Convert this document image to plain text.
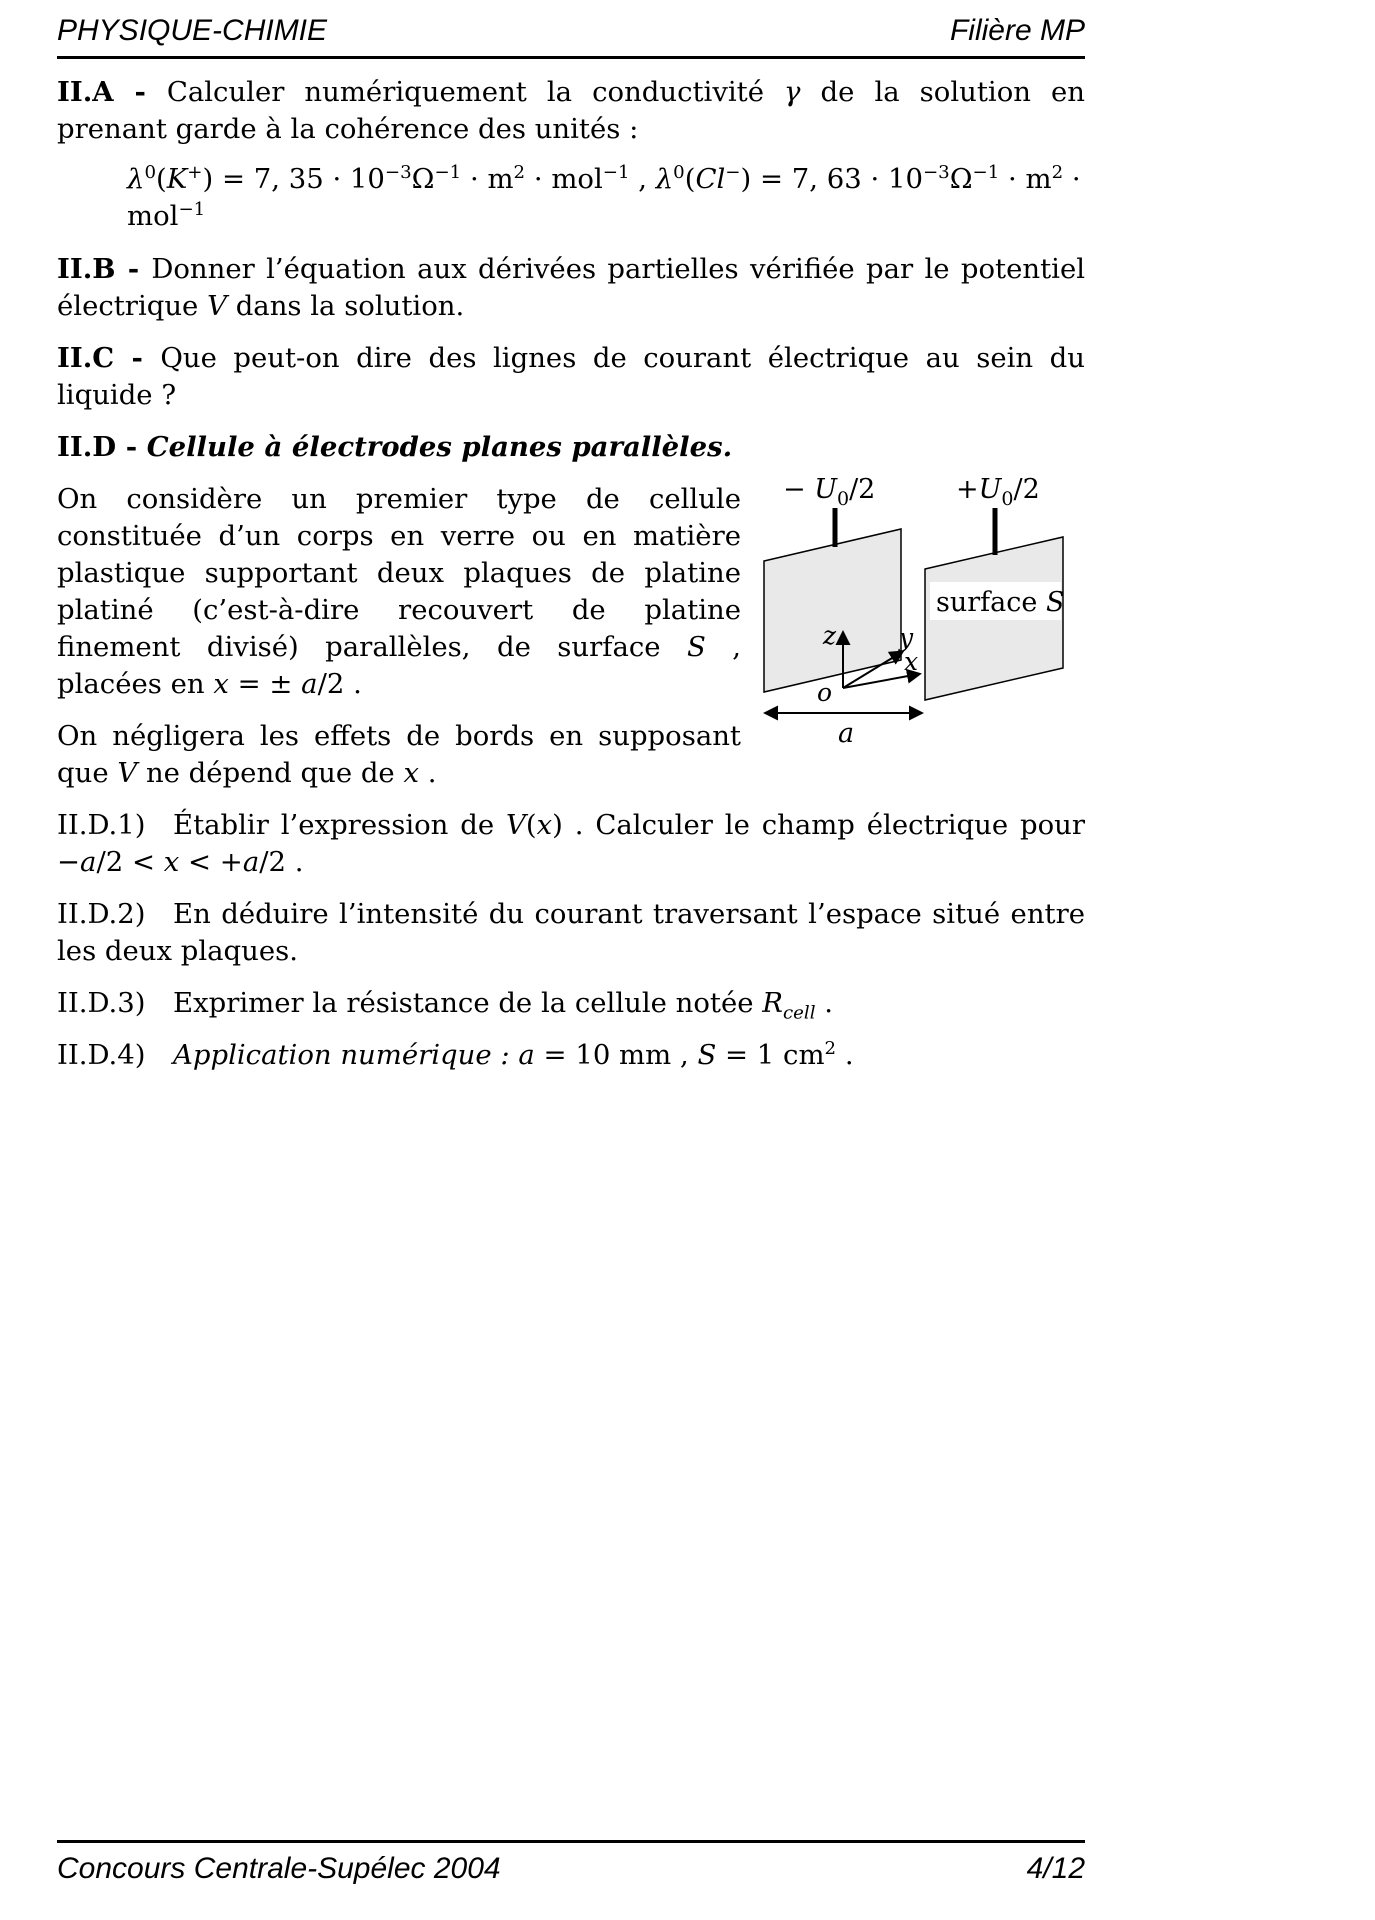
PHYSIQUE-CHIMIE	Filière MP

II.A - Calculer numériquement la conductivité γ de la solution en prenant garde à la cohérence des unités :

$\lambda^0(K^+) = 7$, $35 \cdot 10^{-3}\Omega^{-1} \cdot m^2 \cdot mol^{-1}$ , $\lambda^0(Cl^-) = 7$, $63 \cdot 10^{-3}\Omega^{-1} \cdot m^2 \cdot mol^{-1}$

II.B - Donner l’équation aux dérivées partielles vérifiée par le potentiel électrique V dans la solution.

II.C - Que peut-on dire des lignes de courant électrique au sein du liquide ?

II.D - Cellule à électrodes planes parallèles.

− $U_0/2$	$+U_0/2$
surface S
z	y
x
o
a

On considère un premier type de cellule constituée d’un corps en verre ou en matière plastique supportant deux plaques de platine platiné (c’est-à-dire recouvert de platine finement divisé) parallèles, de surface S , placées en x = ± a/2 .

On négligera les effets de bords en supposant que V ne dépend que de x .

II.D.1)  Établir l’expression de V(x) . Calculer le champ électrique pour −a/2 < x < +a/2 .

II.D.2)  En déduire l’intensité du courant traversant l’espace situé entre les deux plaques.

II.D.3)  Exprimer la résistance de la cellule notée $R_{cell}$ .

II.D.4)  Application numérique : a = 10 mm , S = 1 $cm^2$ .

Concours Centrale-Supélec 2004	4/12
